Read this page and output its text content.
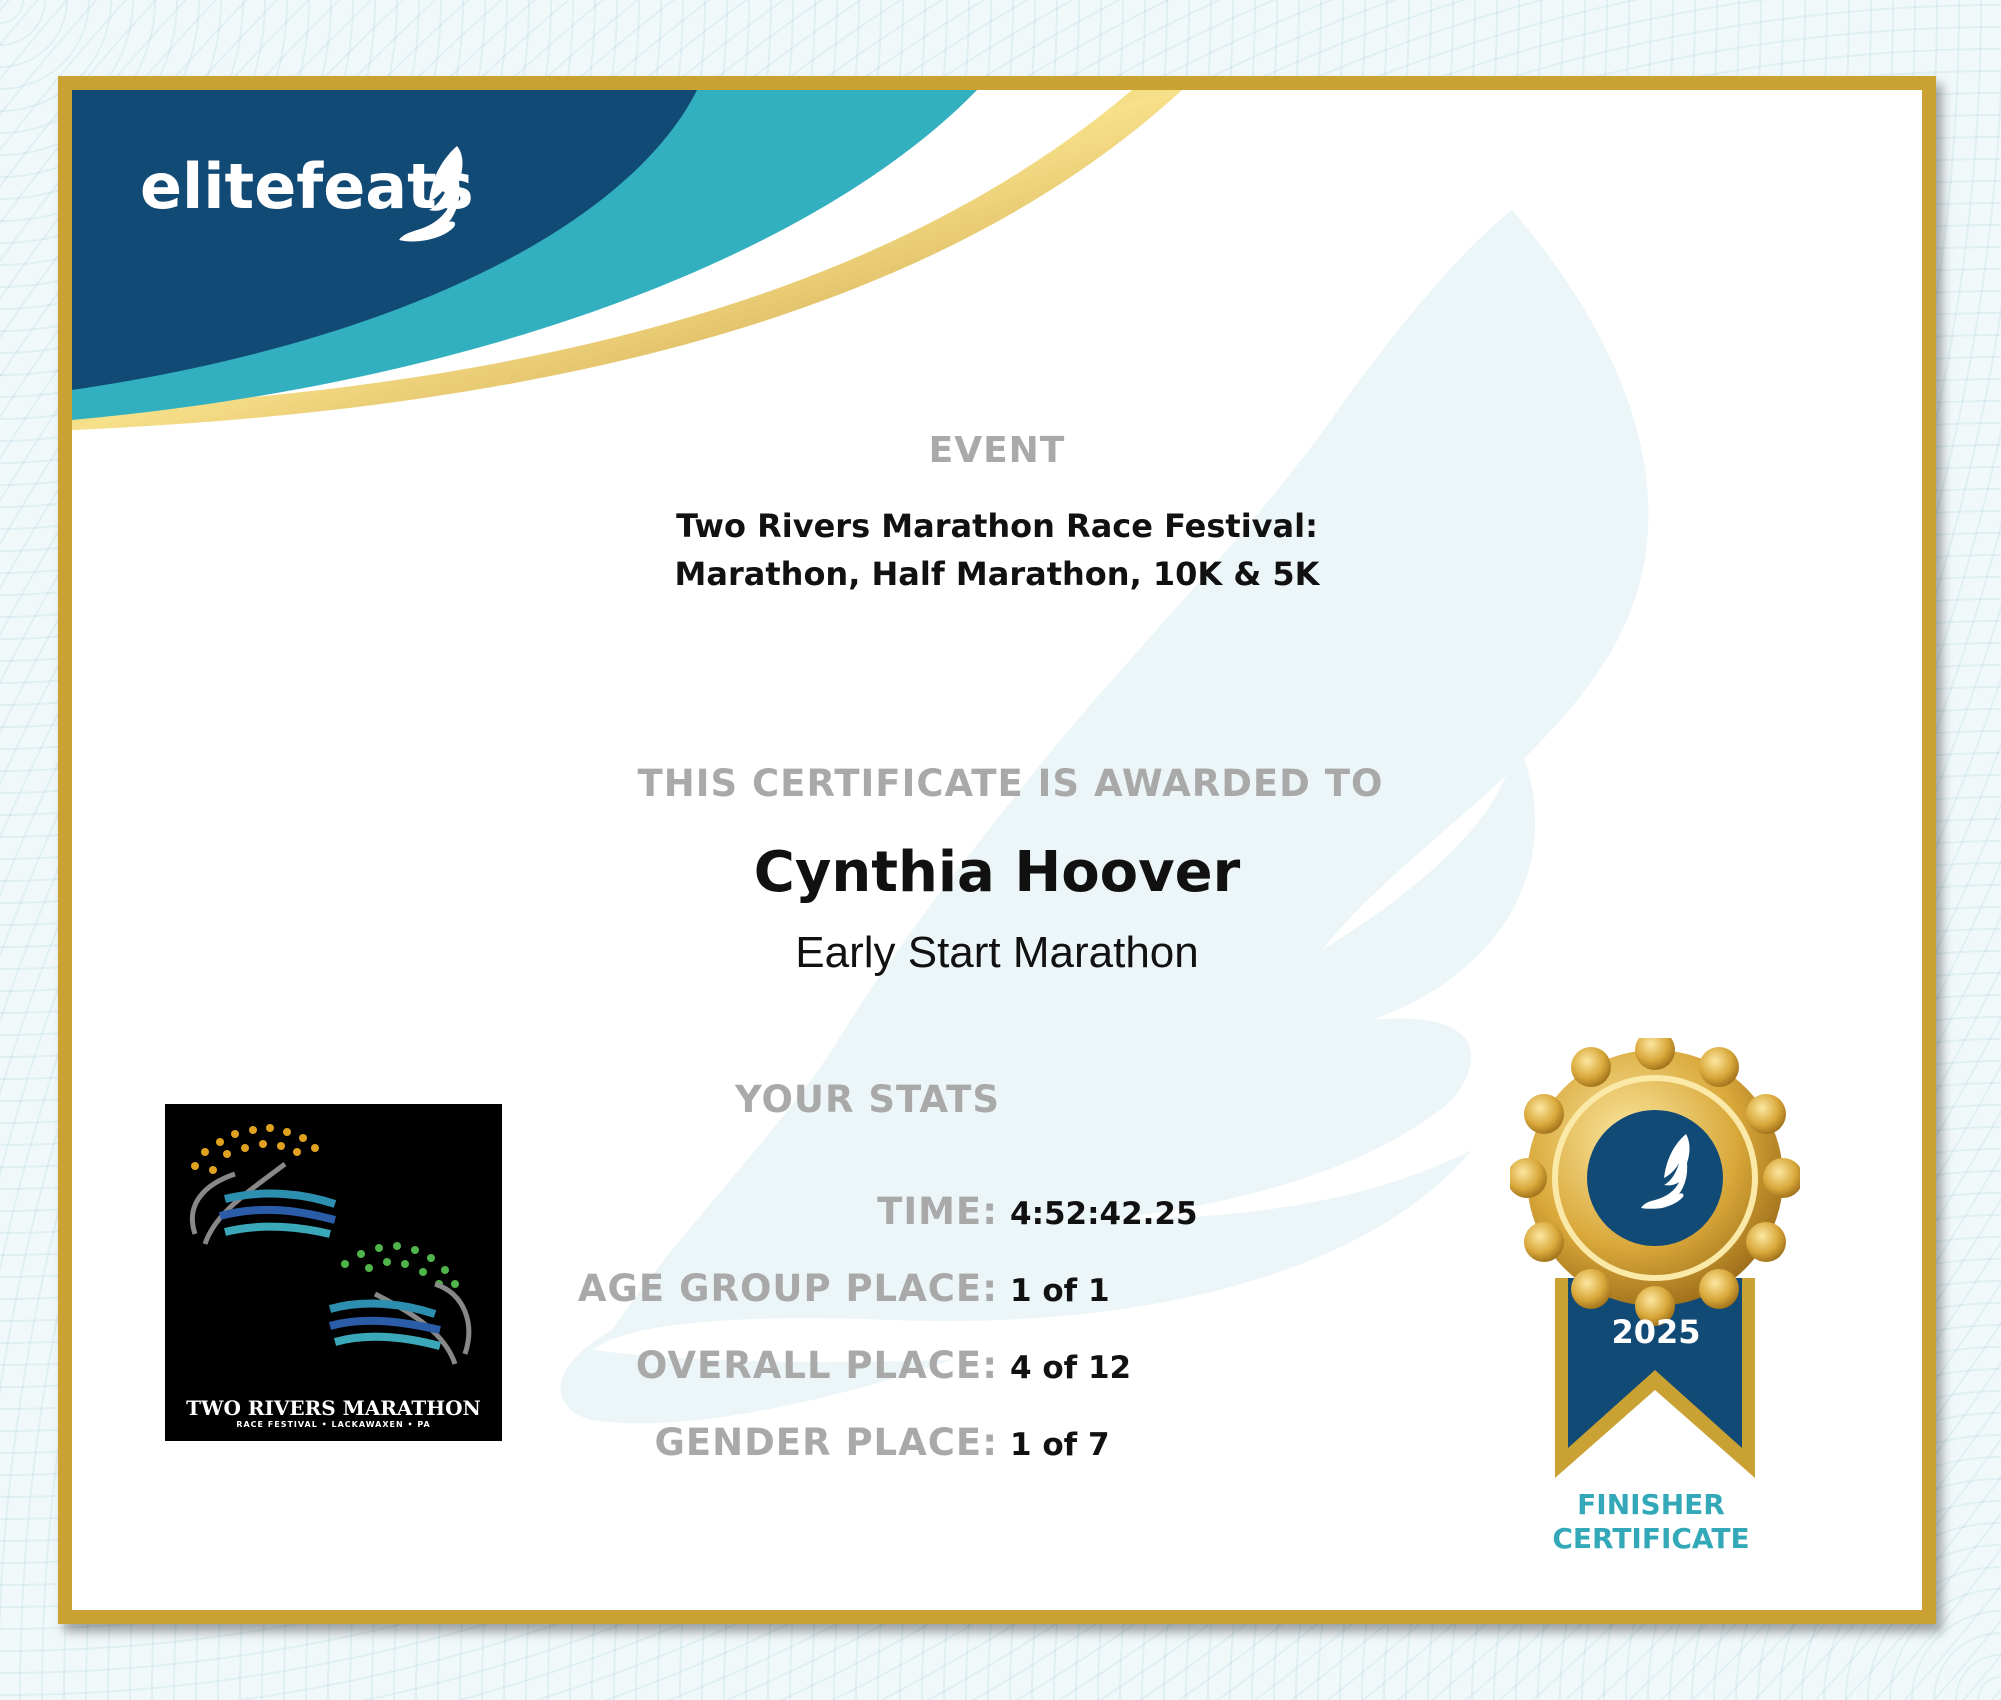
elitefeats
EVENT
Two Rivers Marathon Race Festival:
Marathon, Half Marathon, 10K & 5K
THIS CERTIFICATE IS AWARDED TO
Cynthia Hoover
Early Start Marathon
YOUR STATS
TIME: 4:52:42.25
AGE GROUP PLACE: 1 of 1
OVERALL PLACE: 4 of 12
GENDER PLACE: 1 of 7
TWO RIVERS MARATHON
RACE FESTIVAL • LACKAWAXEN • PA
2025
FINISHER
CERTIFICATE
